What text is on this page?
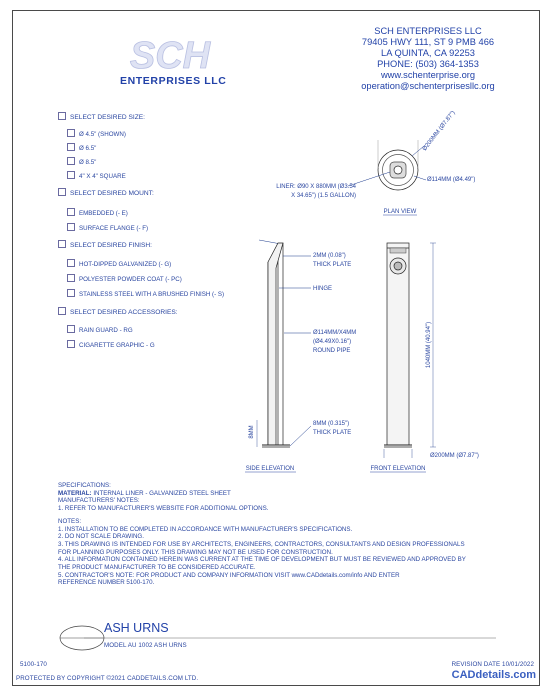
SCH
ENTERPRISES LLC
SCH ENTERPRISES LLC
79405 HWY 111, ST 9 PMB 466
LA QUINTA, CA 92253
PHONE: (503) 364-1353
www.schenterprise.org
operation@schenterprisesllc.org
SELECT DESIRED SIZE:
Ø 4.5" (SHOWN)
Ø 6.5"
Ø 8.5"
4" X 4" SQUARE
SELECT DESIRED MOUNT:
EMBEDDED (- E)
SURFACE FLANGE (- F)
SELECT DESIRED FINISH:
HOT-DIPPED GALVANIZED (- G)
POLYESTER POWDER COAT (- PC)
STAINLESS STEEL WITH A BRUSHED FINISH (- S)
SELECT DESIRED ACCESSORIES:
RAIN GUARD - RG
CIGARETTE GRAPHIC - G
Ø200MM (Ø7.87")
Ø114MM (Ø4.49")
LINER: Ø90 X 880MM (Ø3.54
X 34.65") (1.5 GALLON)
PLAN VIEW
2MM (0.08")
THICK PLATE
HINGE
Ø114MM/X4MM
(Ø4.49X0.16")
ROUND PIPE
8MM (0.315")
THICK PLATE
8MM
SIDE ELEVATION
1040MM (40.94")
Ø200MM (Ø7.87")
FRONT ELEVATION
SPECIFICATIONS:
MATERIAL: INTERNAL LINER - GALVANIZED STEEL SHEET
MANUFACTURERS' NOTES:
1. REFER TO MANUFACTURER'S WEBSITE FOR ADDITIONAL OPTIONS.
NOTES:
1. INSTALLATION TO BE COMPLETED IN ACCORDANCE WITH MANUFACTURER'S SPECIFICATIONS.
2. DO NOT SCALE DRAWING.
3. THIS DRAWING IS INTENDED FOR USE BY ARCHITECTS, ENGINEERS, CONTRACTORS, CONSULTANTS AND DESIGN PROFESSIONALS
FOR PLANNING PURPOSES ONLY. THIS DRAWING MAY NOT BE USED FOR CONSTRUCTION.
4. ALL INFORMATION CONTAINED HEREIN WAS CURRENT AT THE TIME OF DEVELOPMENT BUT MUST BE REVIEWED AND APPROVED BY
THE PRODUCT MANUFACTURER TO BE CONSIDERED ACCURATE.
5. CONTRACTOR'S NOTE: FOR PRODUCT AND COMPANY INFORMATION VISIT www.CADdetails.com/info AND ENTER
REFERENCE NUMBER 5100-170.
ASH URNS
MODEL AU 1002 ASH URNS
5100-170	REVISION DATE 10/01/2022
PROTECTED BY COPYRIGHT ©2021 CADDETAILS.COM LTD.	CADdetails.com
